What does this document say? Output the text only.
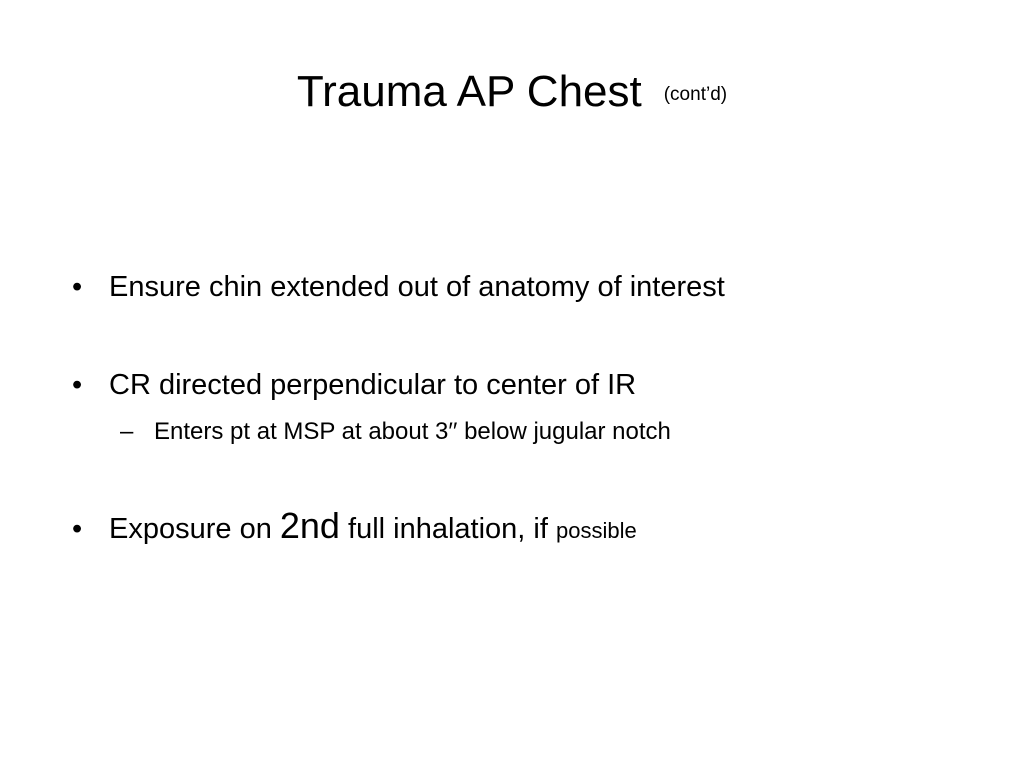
Trauma AP Chest (cont’d)
• Ensure chin extended out of anatomy of interest
• CR directed perpendicular to center of IR
– Enters pt at MSP at about 3′′ below jugular notch
• Exposure on 2nd full inhalation, if possible
